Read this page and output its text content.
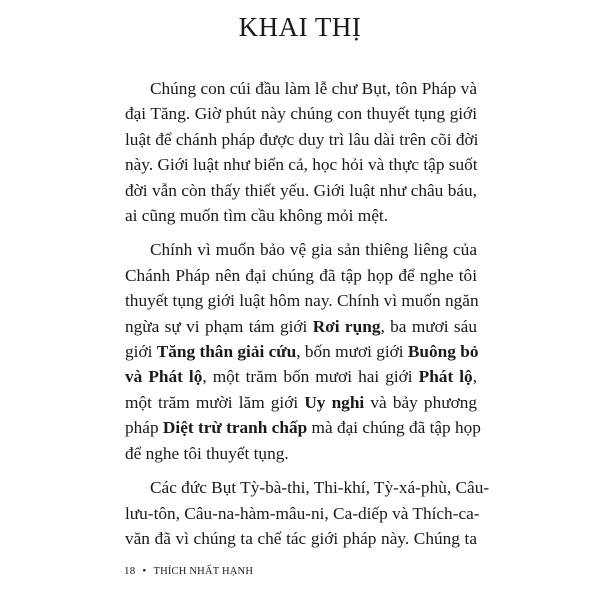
KHAI THỊ
Chúng con cúi đầu làm lễ chư Bụt, tôn Pháp và
đại Tăng. Giờ phút này chúng con thuyết tụng giới
luật để chánh pháp được duy trì lâu dài trên cõi đời
này. Giới luật như biển cả, học hỏi và thực tập suốt
đời vẫn còn thấy thiết yếu. Giới luật như châu báu,
ai cũng muốn tìm cầu không mỏi mệt.
Chính vì muốn bảo vệ gia sản thiêng liêng của
Chánh Pháp nên đại chúng đã tập họp để nghe tôi
thuyết tụng giới luật hôm nay. Chính vì muốn ngăn
ngừa sự vi phạm tám giới Rơi rụng, ba mươi sáu
giới Tăng thân giải cứu, bốn mươi giới Buông bỏ
và Phát lộ, một trăm bốn mươi hai giới Phát lộ,
một trăm mười lăm giới Uy nghi và bảy phương
pháp Diệt trừ tranh chấp mà đại chúng đã tập họp
để nghe tôi thuyết tụng.
Các đức Bụt Tỳ-bà-thi, Thi-khí, Tỳ-xá-phù, Câu-
lưu-tôn, Câu-na-hàm-mâu-ni, Ca-diếp và Thích-ca-
văn đã vì chúng ta chế tác giới pháp này. Chúng ta
18 • THÍCH NHẤT HẠNH
